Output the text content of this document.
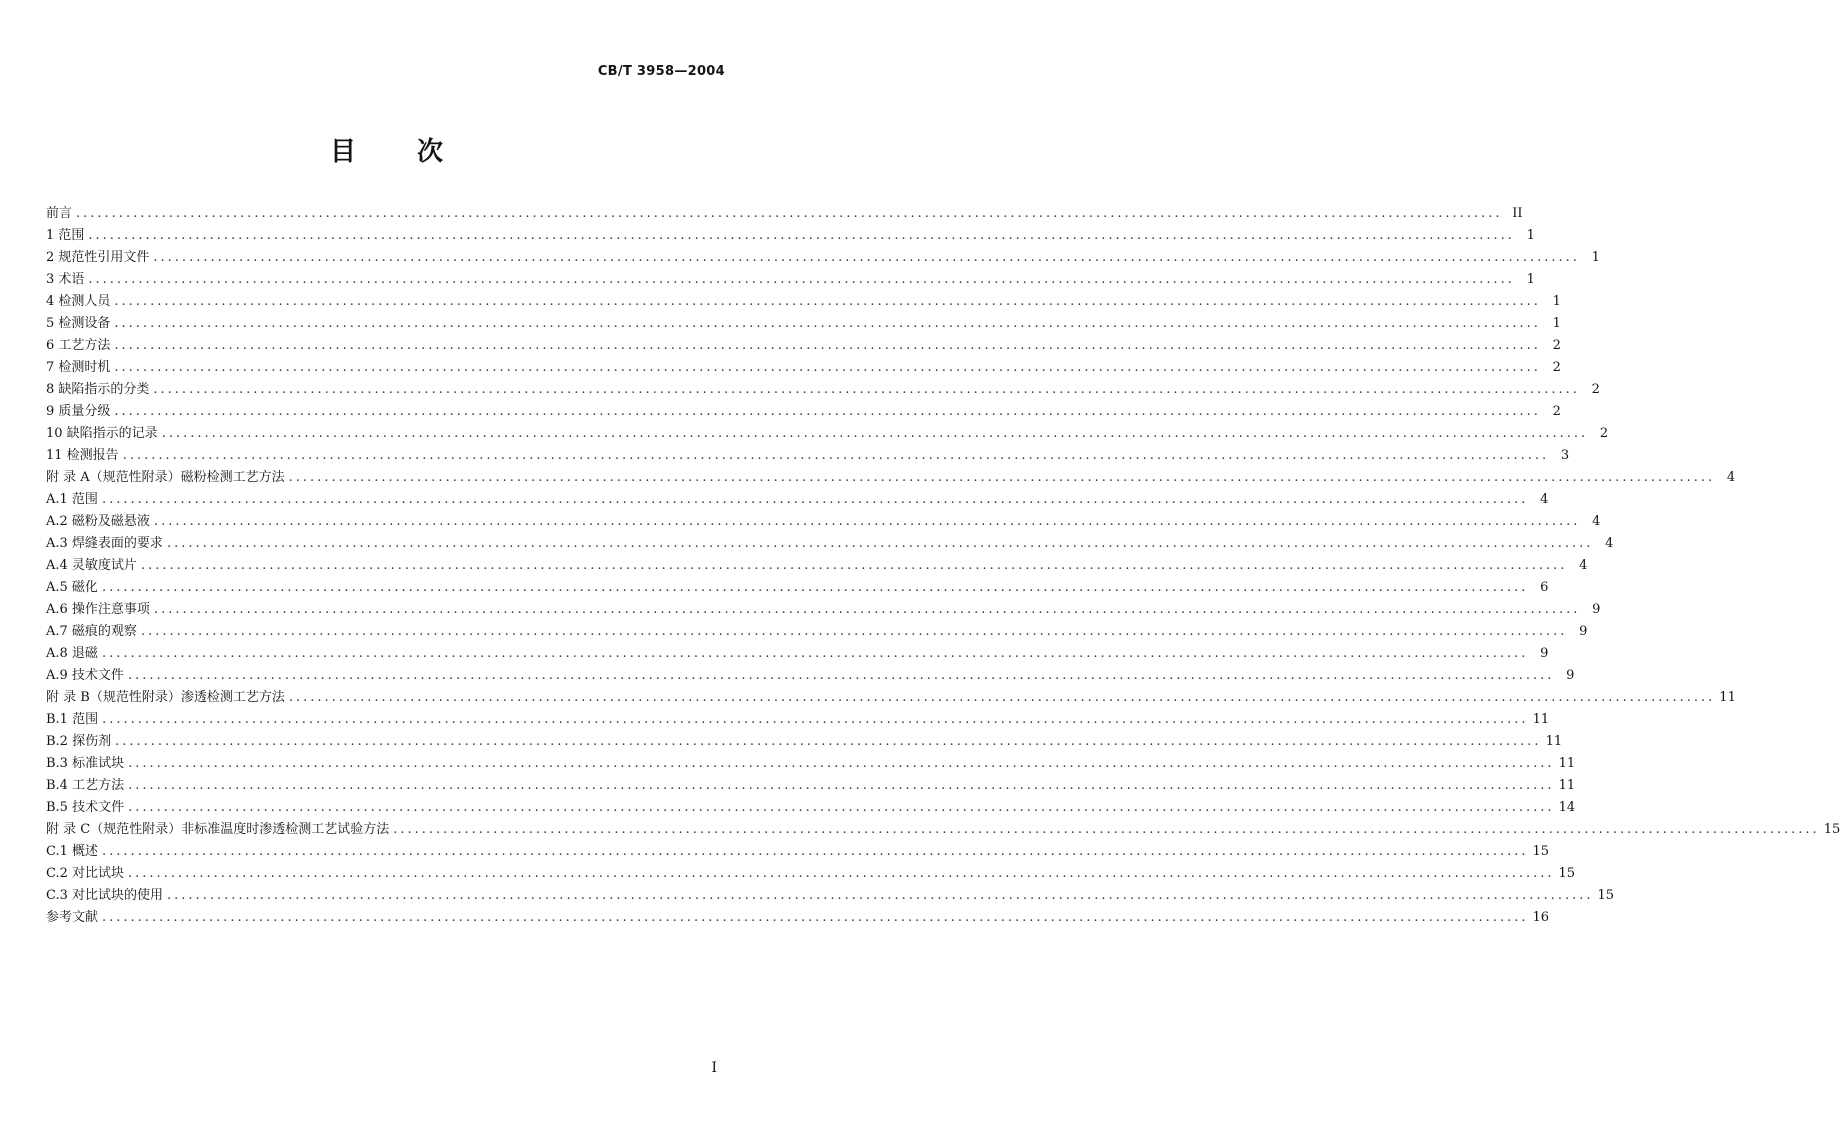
CB/T 3958—2004
目 次
前言 ........................................................................................................................................................................................................ II
1 范围 ........................................................................................................................................................................................................ 1
2 规范性引用文件 ........................................................................................................................................................................................................ 1
3 术语 ........................................................................................................................................................................................................ 1
4 检测人员 ........................................................................................................................................................................................................ 1
5 检测设备 ........................................................................................................................................................................................................ 1
6 工艺方法 ........................................................................................................................................................................................................ 2
7 检测时机 ........................................................................................................................................................................................................ 2
8 缺陷指示的分类 ........................................................................................................................................................................................................ 2
9 质量分级 ........................................................................................................................................................................................................ 2
10 缺陷指示的记录 ........................................................................................................................................................................................................ 2
11 检测报告 ........................................................................................................................................................................................................ 3
附 录 A（规范性附录）磁粉检测工艺方法 ........................................................................................................................................................................................................ 4
A.1 范围 ........................................................................................................................................................................................................ 4
A.2 磁粉及磁悬液 ........................................................................................................................................................................................................ 4
A.3 焊缝表面的要求 ........................................................................................................................................................................................................ 4
A.4 灵敏度试片 ........................................................................................................................................................................................................ 4
A.5 磁化 ........................................................................................................................................................................................................ 6
A.6 操作注意事项 ........................................................................................................................................................................................................ 9
A.7 磁痕的观察 ........................................................................................................................................................................................................ 9
A.8 退磁 ........................................................................................................................................................................................................ 9
A.9 技术文件 ........................................................................................................................................................................................................ 9
附 录 B（规范性附录）渗透检测工艺方法 ........................................................................................................................................................................................................ 11
B.1 范围 ........................................................................................................................................................................................................ 11
B.2 探伤剂 ........................................................................................................................................................................................................ 11
B.3 标准试块 ........................................................................................................................................................................................................ 11
B.4 工艺方法 ........................................................................................................................................................................................................ 11
B.5 技术文件 ........................................................................................................................................................................................................ 14
附 录 C（规范性附录）非标准温度时渗透检测工艺试验方法 ........................................................................................................................................................................................................ 15
C.1 概述 ........................................................................................................................................................................................................ 15
C.2 对比试块 ........................................................................................................................................................................................................ 15
C.3 对比试块的使用 ........................................................................................................................................................................................................ 15
参考文献 ........................................................................................................................................................................................................ 16
I
